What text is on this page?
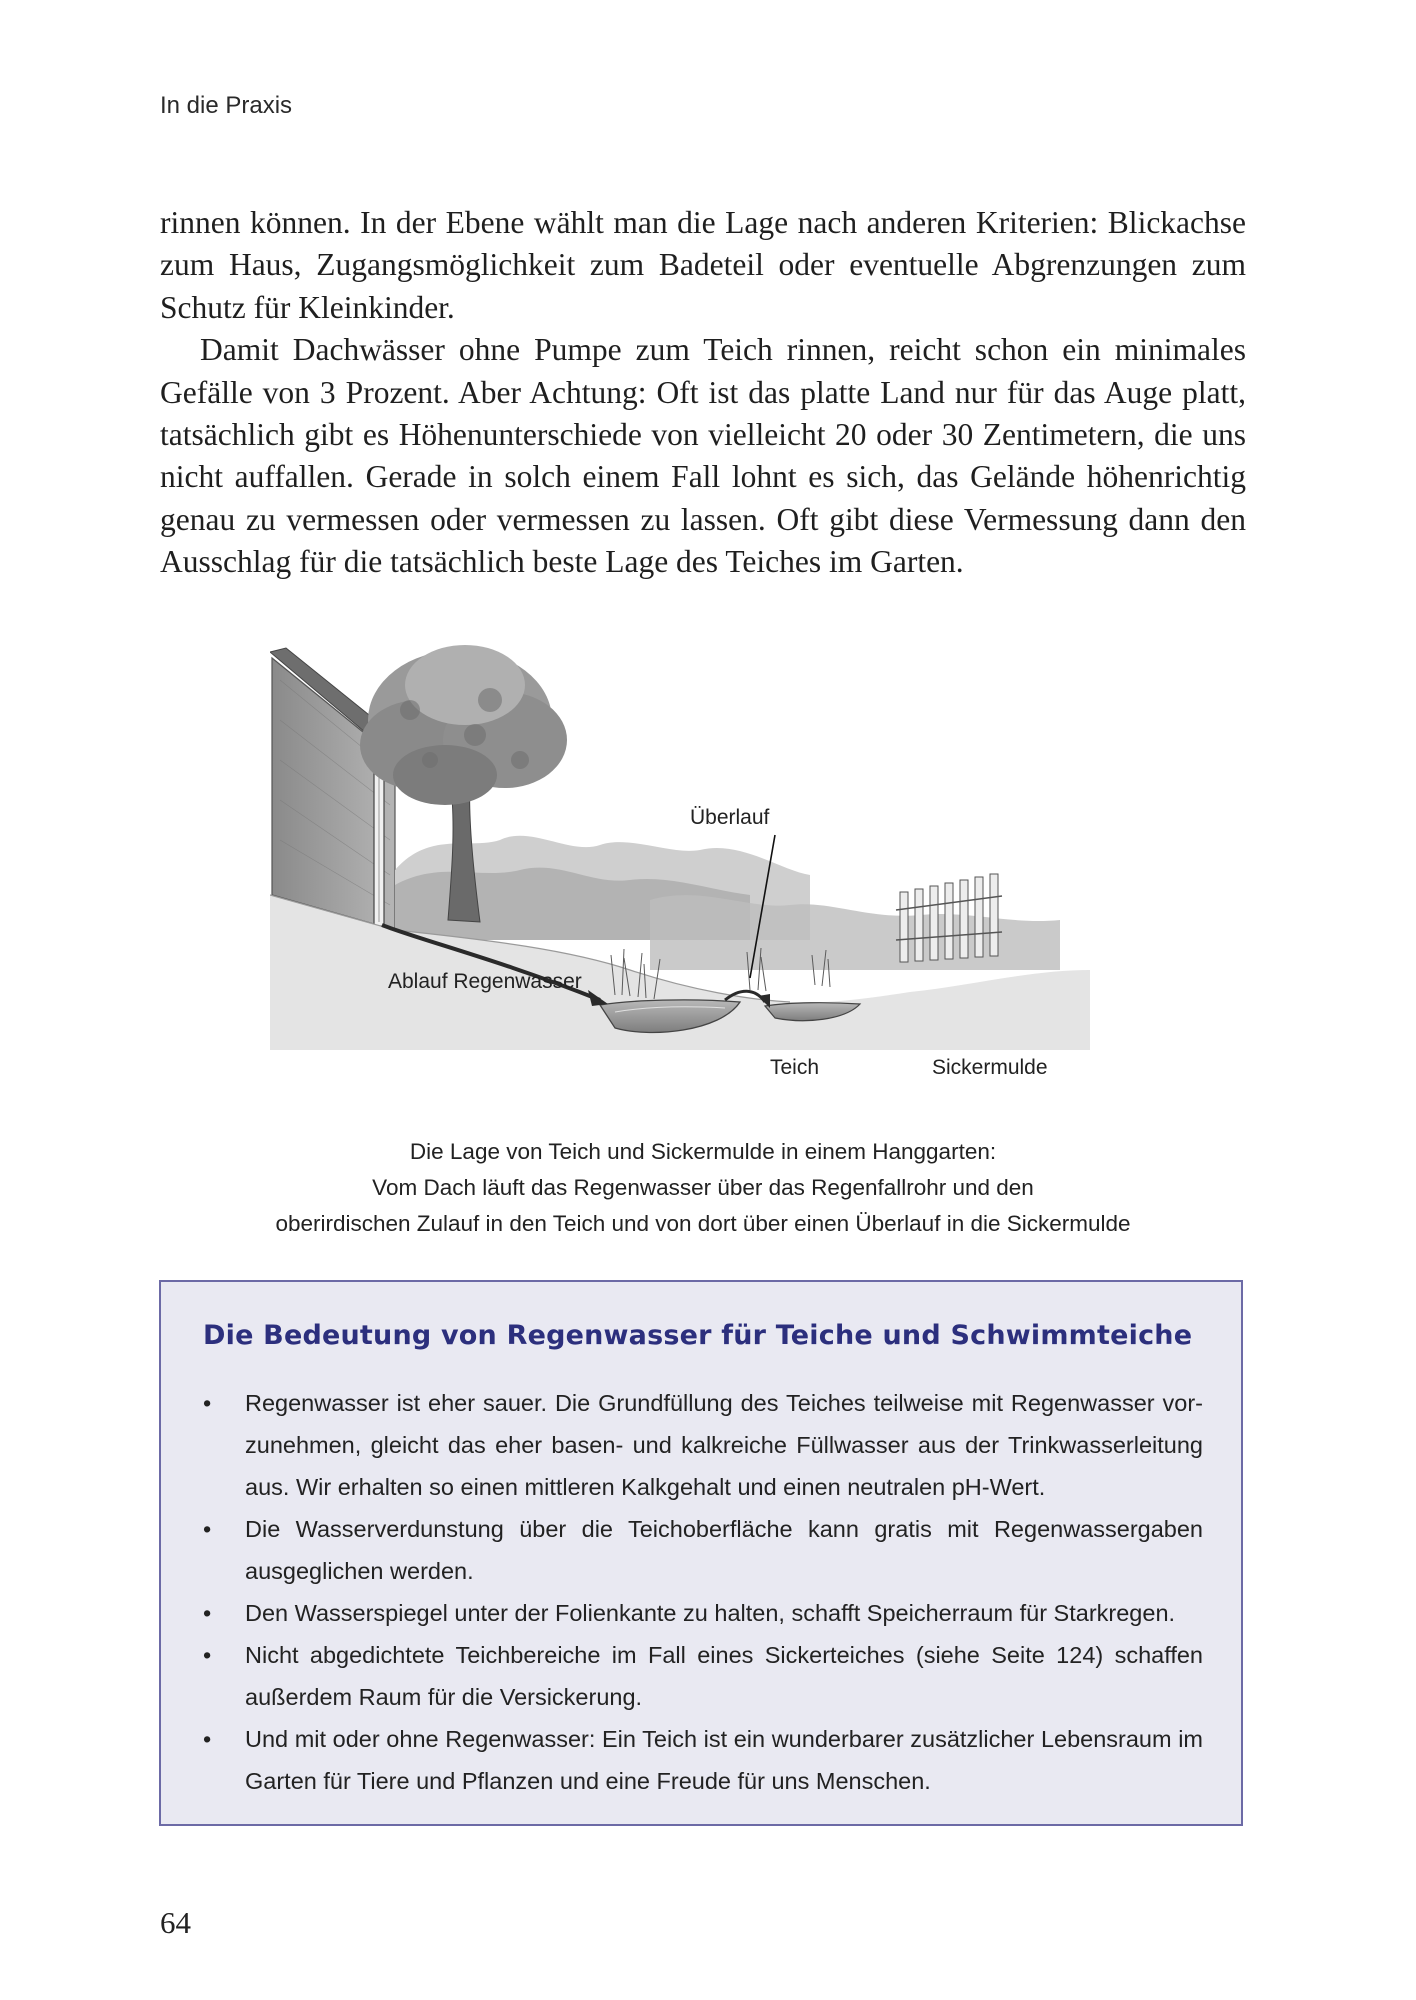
In die Praxis

rinnen können. In der Ebene wählt man die Lage nach anderen Kriterien: Blickachse zum Haus, Zugangsmöglichkeit zum Badeteil oder eventuelle Abgrenzungen zum Schutz für Kleinkinder.

Damit Dachwässer ohne Pumpe zum Teich rinnen, reicht schon ein minimales Gefälle von 3 Prozent. Aber Achtung: Oft ist das platte Land nur für das Auge platt, tatsächlich gibt es Höhenunterschiede von vielleicht 20 oder 30 Zentimetern, die uns nicht auffallen. Gerade in solch einem Fall lohnt es sich, das Gelände höhenrichtig genau zu vermessen oder vermessen zu lassen. Oft gibt diese Vermessung dann den Ausschlag für die tatsächlich beste Lage des Teiches im Garten.

Überlauf
Ablauf Regenwasser
Teich	Sickermulde
Die Lage von Teich und Sickermulde in einem Hanggarten:
Vom Dach läuft das Regenwasser über das Regenfallrohr und den
oberirdischen Zulauf in den Teich und von dort über einen Überlauf in die Sickermulde
Die Bedeutung von Regenwasser für Teiche und Schwimmteiche
•	Regenwasser ist eher sauer. Die Grundfüllung des Teiches teilweise mit Regenwasser vorzunehmen, gleicht das eher basen- und kalkreiche Füllwasser aus der Trinkwasserleitung aus. Wir erhalten so einen mittleren Kalkgehalt und einen neutralen pH-Wert.
•	Die Wasserverdunstung über die Teichoberfläche kann gratis mit Regenwassergaben ausgeglichen werden.
•	Den Wasserspiegel unter der Folienkante zu halten, schafft Speicherraum für Starkregen.
•	Nicht abgedichtete Teichbereiche im Fall eines Sickerteiches (siehe Seite 124) schaffen außerdem Raum für die Versickerung.
•	Und mit oder ohne Regenwasser: Ein Teich ist ein wunderbarer zusätzlicher Lebensraum im Garten für Tiere und Pflanzen und eine Freude für uns Menschen.
64
